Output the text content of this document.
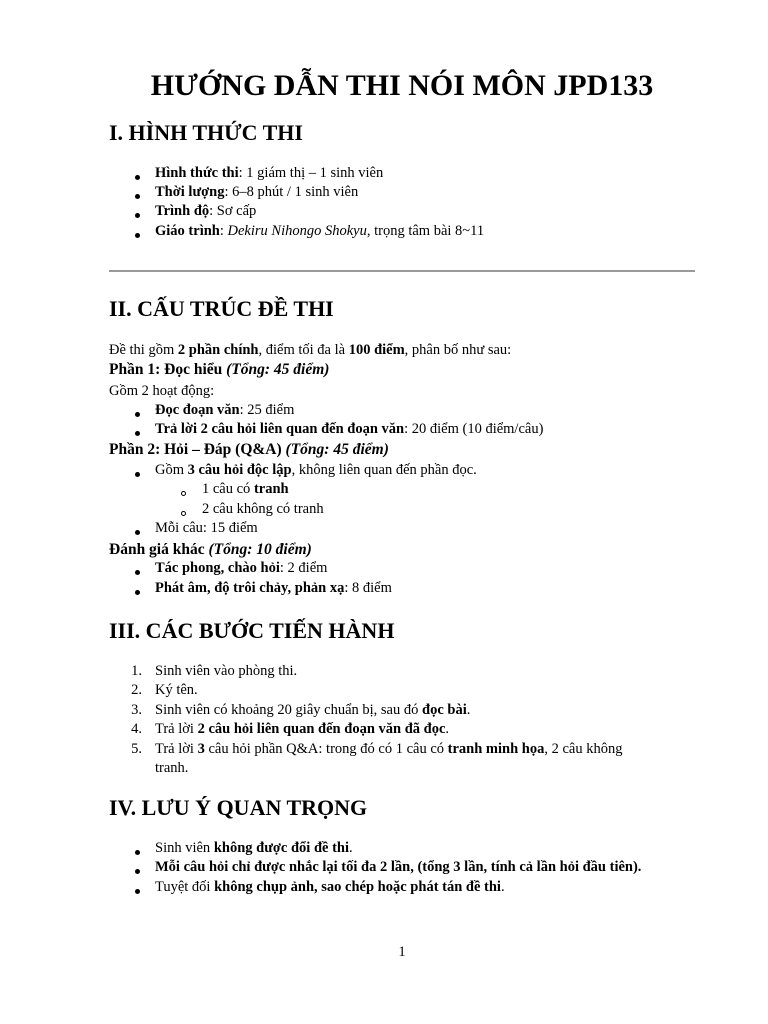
HƯỚNG DẪN THI NÓI MÔN JPD133
I. HÌNH THỨC THI
Hình thức thi: 1 giám thị – 1 sinh viên
Thời lượng: 6–8 phút / 1 sinh viên
Trình độ: Sơ cấp
Giáo trình: Dekiru Nihongo Shokyu, trọng tâm bài 8~11
II. CẤU TRÚC ĐỀ THI
Đề thi gồm 2 phần chính, điểm tối đa là 100 điểm, phân bố như sau:
Phần 1: Đọc hiểu (Tổng: 45 điểm)
Gồm 2 hoạt động:
Đọc đoạn văn: 25 điểm
Trả lời 2 câu hỏi liên quan đến đoạn văn: 20 điểm (10 điểm/câu)
Phần 2: Hỏi – Đáp (Q&A) (Tổng: 45 điểm)
Gồm 3 câu hỏi độc lập, không liên quan đến phần đọc.
1 câu có tranh
2 câu không có tranh
Mỗi câu: 15 điểm
Đánh giá khác (Tổng: 10 điểm)
Tác phong, chào hỏi: 2 điểm
Phát âm, độ trôi chảy, phản xạ: 8 điểm
III. CÁC BƯỚC TIẾN HÀNH
1. Sinh viên vào phòng thi.
2. Ký tên.
3. Sinh viên có khoảng 20 giây chuẩn bị, sau đó đọc bài.
4. Trả lời 2 câu hỏi liên quan đến đoạn văn đã đọc.
5. Trả lời 3 câu hỏi phần Q&A: trong đó có 1 câu có tranh minh họa, 2 câu không
tranh.
IV. LƯU Ý QUAN TRỌNG
Sinh viên không được đổi đề thi.
Mỗi câu hỏi chỉ được nhắc lại tối đa 2 lần, (tổng 3 lần, tính cả lần hỏi đầu tiên).
Tuyệt đối không chụp ảnh, sao chép hoặc phát tán đề thi.
1
